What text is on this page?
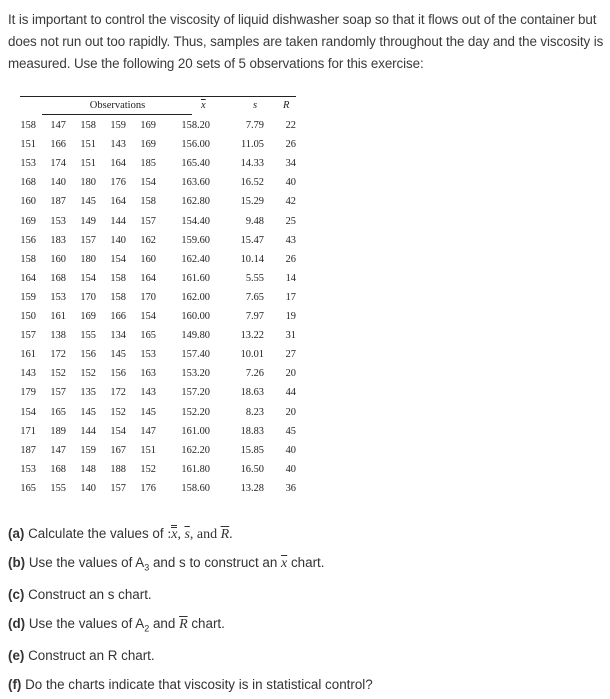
It is important to control the viscosity of liquid dishwasher soap so that it flows out of the container but does not run out too rapidly. Thus, samples are taken randomly throughout the day and the viscosity is measured. Use the following 20 sets of 5 observations for this exercise:
Observations	$\overline{x}$	s R
158 147 158 159 169 158.20	7.79 22
151 166 151 143 169 156.00	11.05 26
153 174 151 164 185 165.40	14.33 34
168 140 180 176 154 163.60	16.52 40
160 187 145 164 158 162.80	15.29 42
169 153 149 144 157 154.40	9.48 25
156 183 157 140 162 159.60	15.47 43
158 160 180 154 160 162.40	10.14 26
164 168 154 158 164 161.60	5.55 14
159 153 170 158 170 162.00	7.65 17
150 161 169 166 154 160.00	7.97 19
157 138 155 134 165 149.80	13.22 31
161 172 156 145 153 157.40	10.01 27
143 152 152 156 163 153.20	7.26 20
179 157 135 172 143 157.20	18.63 44
154 165 145 152 145 152.20	8.23 20
171 189 144 154 147 161.00	18.83 45
187 147 159 167 151 162.20	15.85 40
153 168 148 188 152 161.80	16.50 40
165 155 140 157 176 158.60	13.28 36
(a) Calculate the values of :x, $\overline{s}$, and $\overline{R}$.
(b) Use the values of $A_3$ and s to construct an $\overline{x}$ chart.
(c) Construct an s chart.
(d) Use the values of $A_2$ and $\overline{R}$ chart.
(e) Construct an R chart.
(f) Do the charts indicate that viscosity is in statistical control?
